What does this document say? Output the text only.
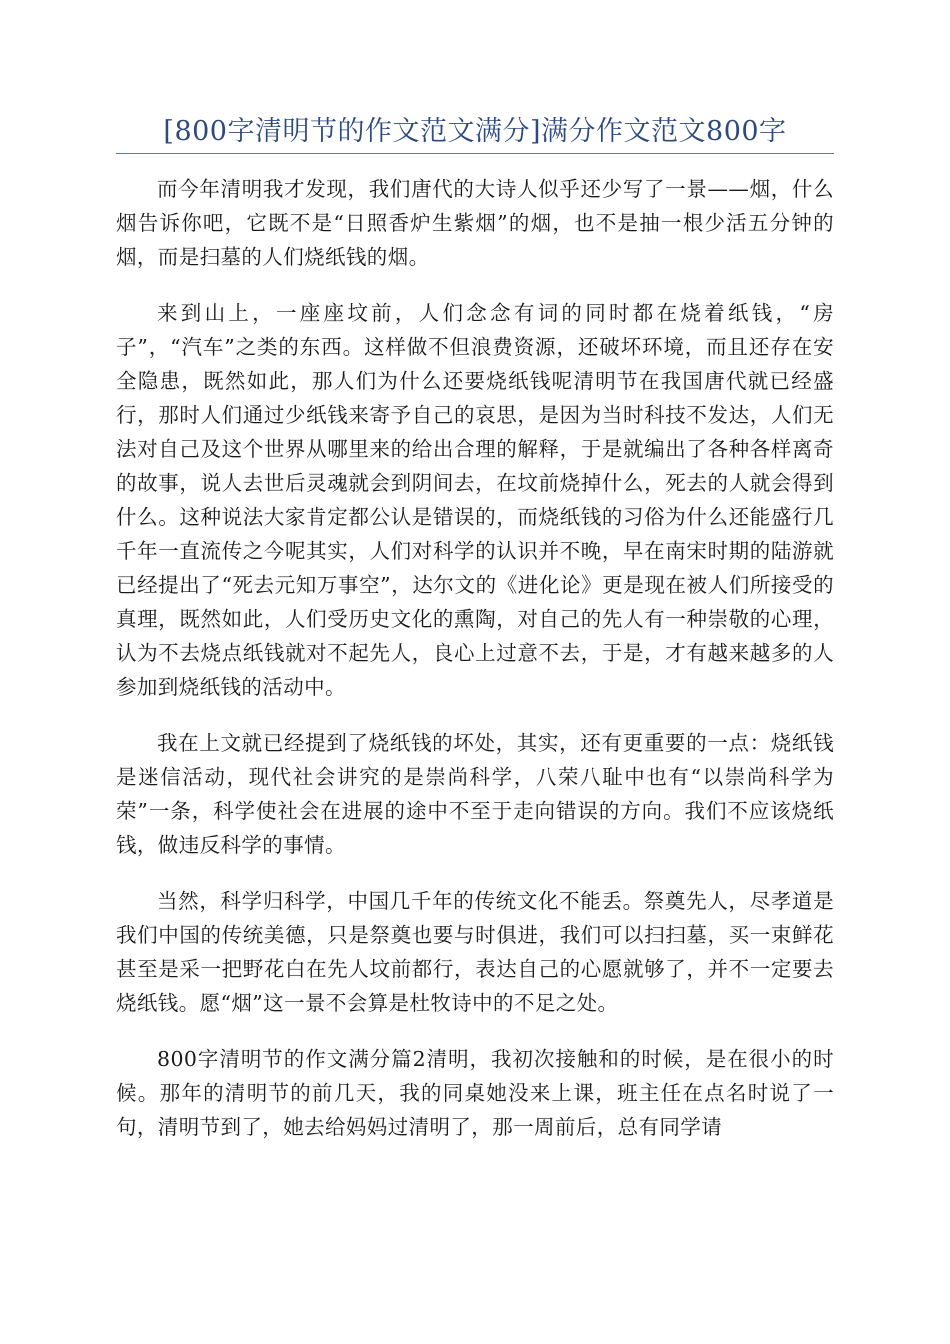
[800字清明节的作文范文满分]满分作文范文800字

而今年清明我才发现，我们唐代的大诗人似乎还少写了一景——烟，什么烟告诉你吧，它既不是“日照香炉生紫烟”的烟，也不是抽一根少活五分钟的烟，而是扫墓的人们烧纸钱的烟。

来到山上，一座座坟前，人们念念有词的同时都在烧着纸钱，“房子”，“汽车”之类的东西。这样做不但浪费资源，还破坏环境，而且还存在安全隐患，既然如此，那人们为什么还要烧纸钱呢清明节在我国唐代就已经盛行，那时人们通过少纸钱来寄予自己的哀思，是因为当时科技不发达，人们无法对自己及这个世界从哪里来的给出合理的解释，于是就编出了各种各样离奇的故事，说人去世后灵魂就会到阴间去，在坟前烧掉什么，死去的人就会得到什么。这种说法大家肯定都公认是错误的，而烧纸钱的习俗为什么还能盛行几千年一直流传之今呢其实，人们对科学的认识并不晚，早在南宋时期的陆游就已经提出了“死去元知万事空”，达尔文的《进化论》更是现在被人们所接受的真理，既然如此，人们受历史文化的熏陶，对自己的先人有一种崇敬的心理，认为不去烧点纸钱就对不起先人，良心上过意不去，于是，才有越来越多的人参加到烧纸钱的活动中。

我在上文就已经提到了烧纸钱的坏处，其实，还有更重要的一点：烧纸钱是迷信活动，现代社会讲究的是崇尚科学，八荣八耻中也有“以崇尚科学为荣”一条，科学使社会在进展的途中不至于走向错误的方向。我们不应该烧纸钱，做违反科学的事情。

当然，科学归科学，中国几千年的传统文化不能丢。祭奠先人，尽孝道是我们中国的传统美德，只是祭奠也要与时俱进，我们可以扫扫墓，买一束鲜花甚至是采一把野花白在先人坟前都行，表达自己的心愿就够了，并不一定要去烧纸钱。愿“烟”这一景不会算是杜牧诗中的不足之处。

800字清明节的作文满分篇2清明，我初次接触和的时候，是在很小的时候。那年的清明节的前几天，我的同桌她没来上课，班主任在点名时说了一句，清明节到了，她去给妈妈过清明了，那一周前后，总有同学请
